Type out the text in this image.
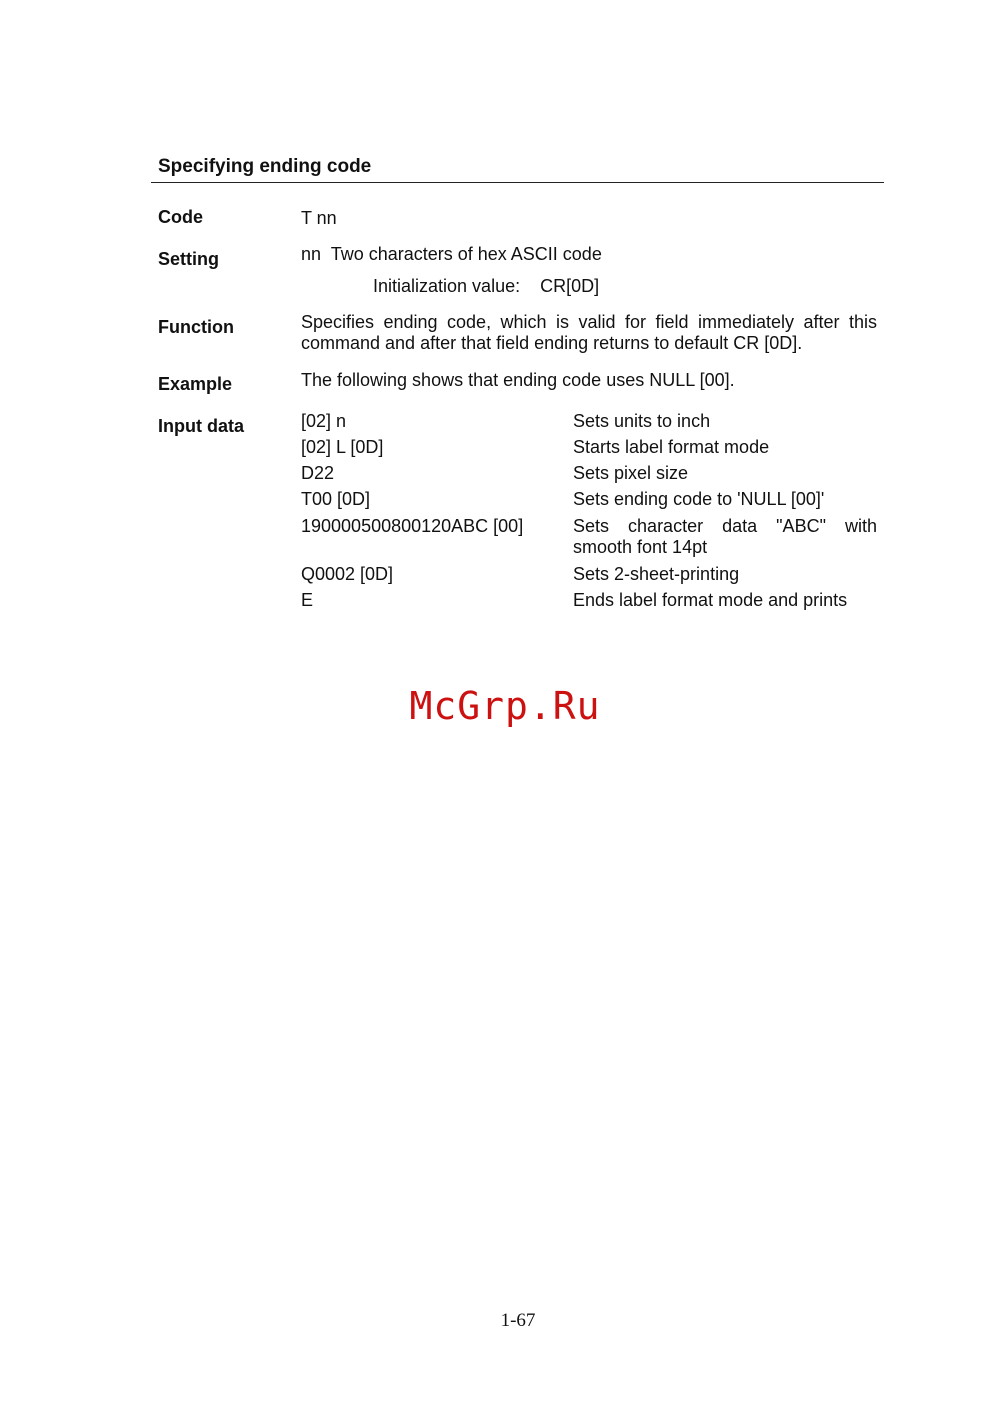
Specifying ending code
Code	T nn
Setting	nn  Two characters of hex ASCII code
Initialization value:    CR[0D]
Function	Specifies ending code, which is valid for field immediately after this command and after that field ending returns to default CR [0D].
Example	The following shows that ending code uses NULL [00].
Input data	[02] n	Sets units to inch
[02] L [0D]	Starts label format mode
D22	Sets pixel size
T00 [0D]	Sets ending code to 'NULL [00]'
190000500800120ABC [00]	Sets character data "ABC" with smooth font 14pt
Q0002 [0D]	Sets 2-sheet-printing
E	Ends label format mode and prints
McGrp.Ru
1-67
